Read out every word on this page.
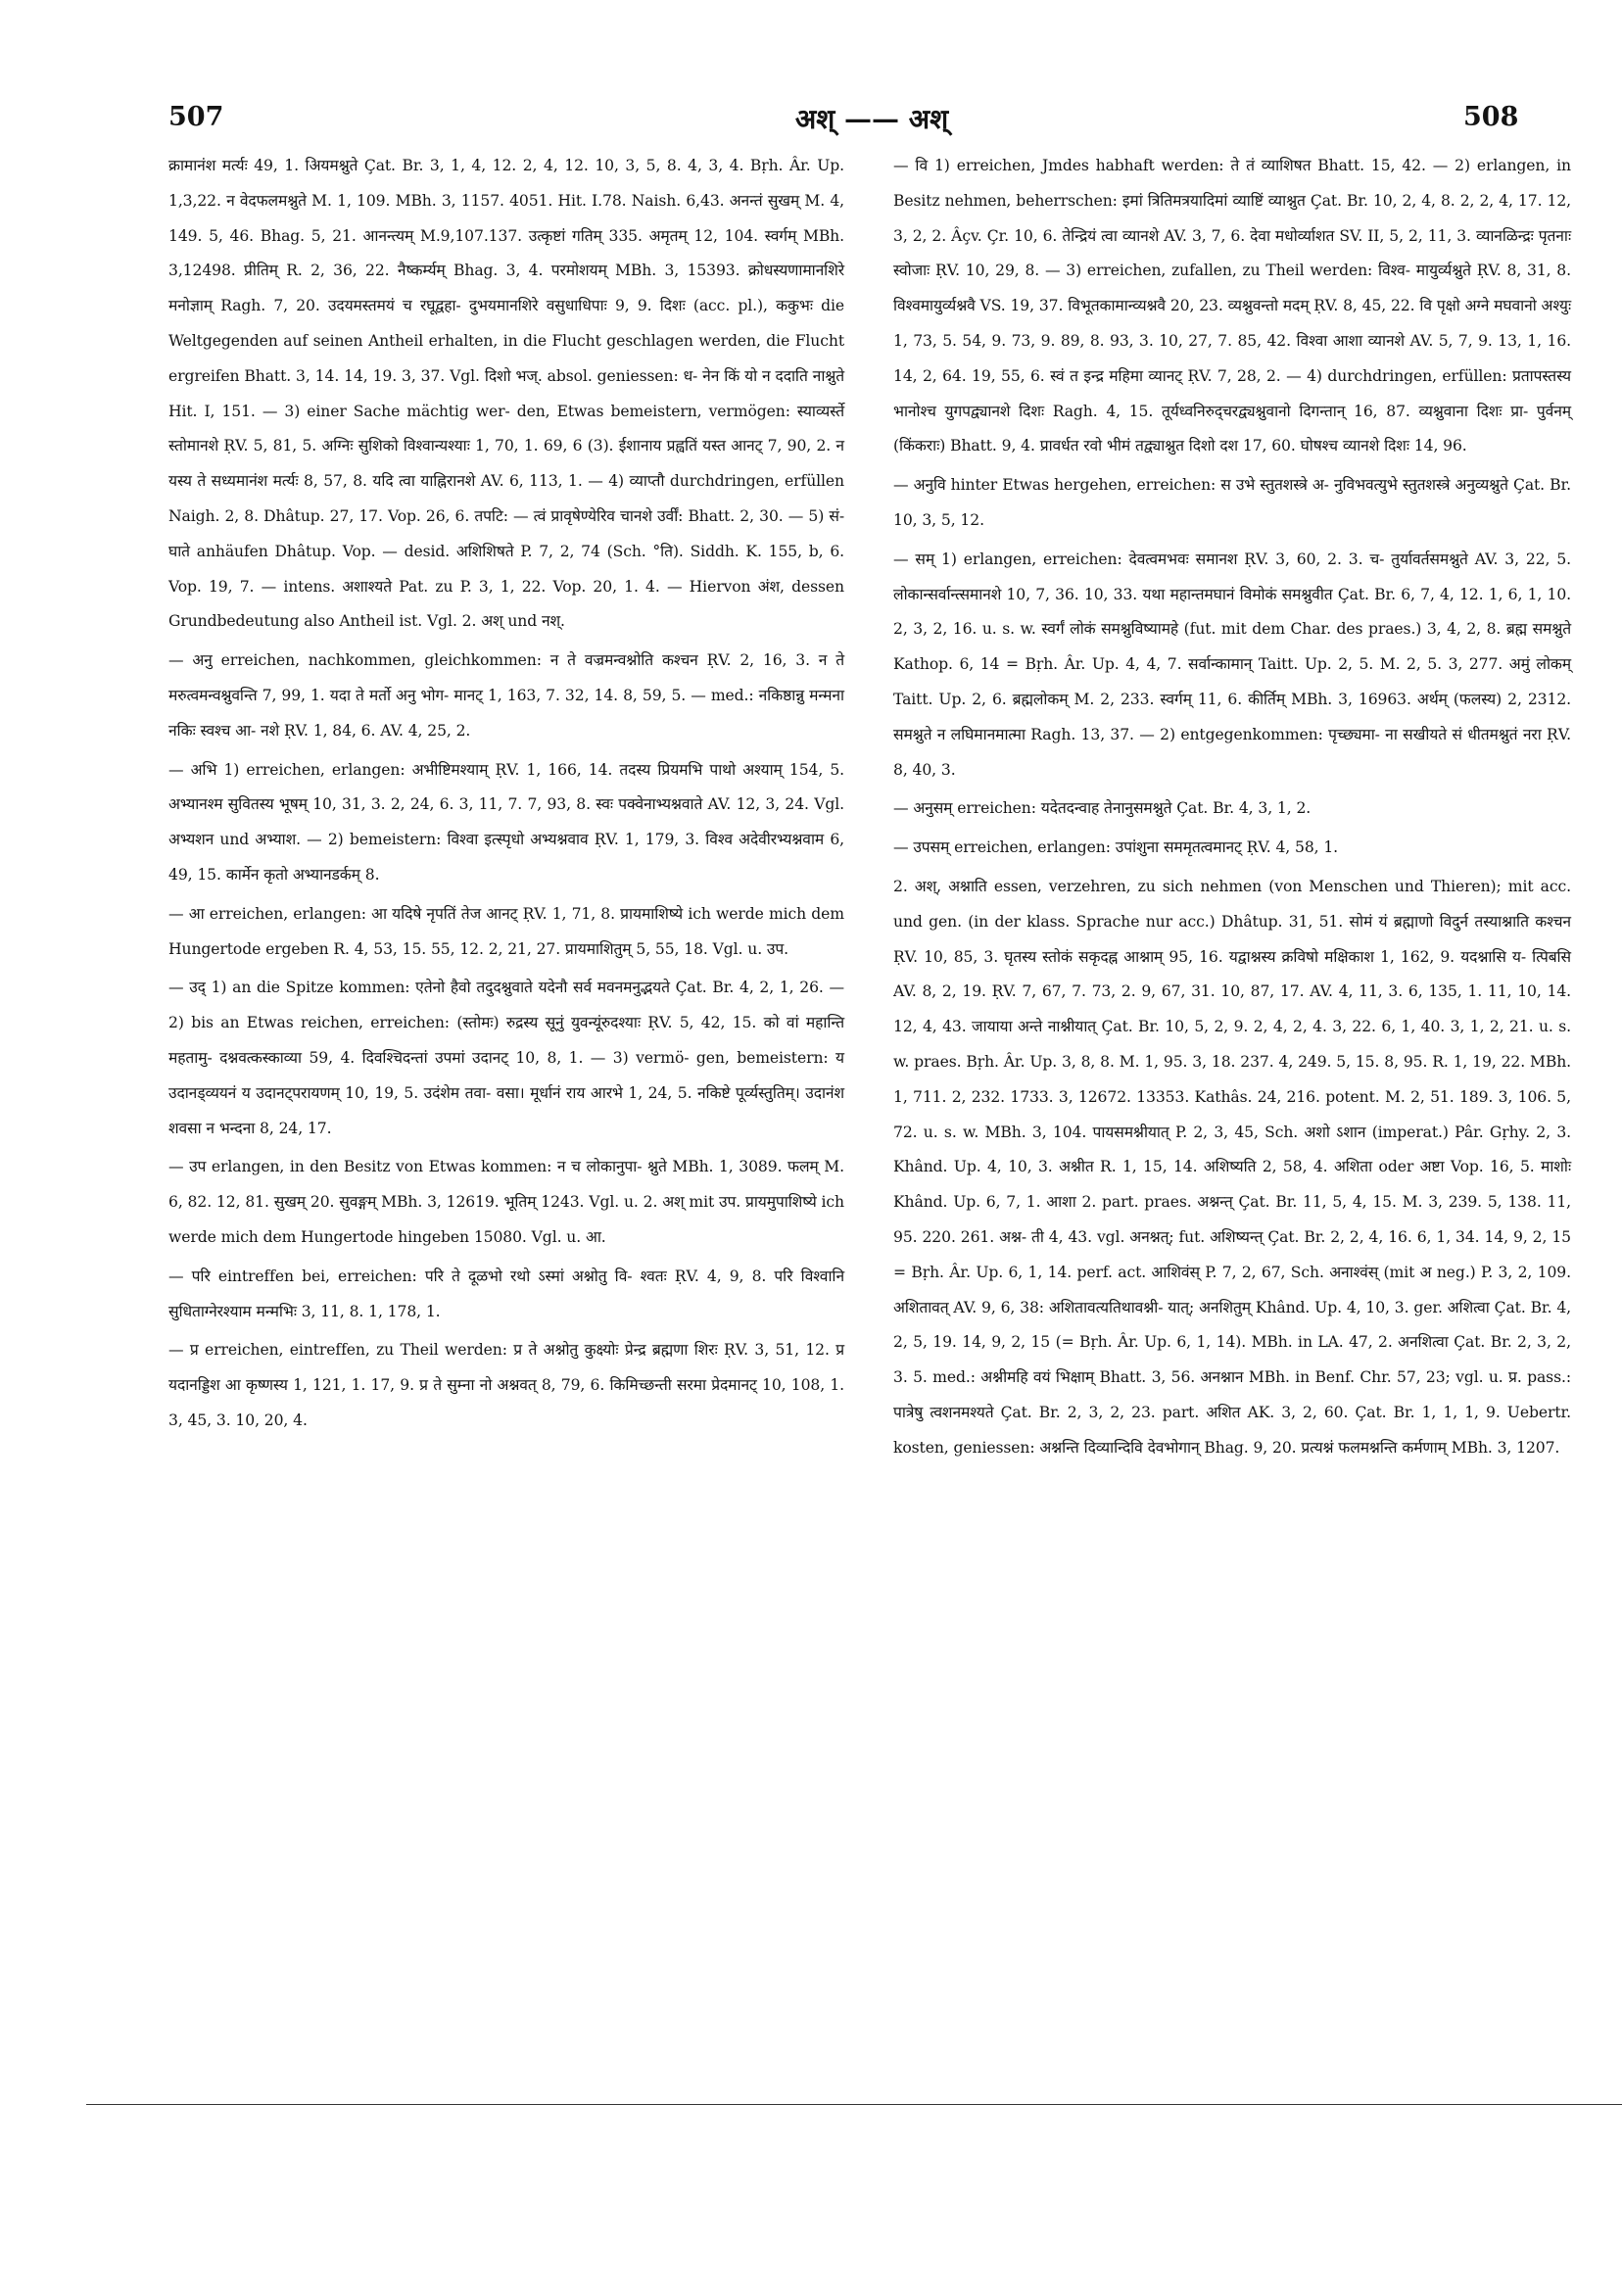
507	अश् —— अश्	508

क्रामानंश मर्त्यः 49, 1. अियमश्नुते Çat. Br. 3, 1, 4, 12. 2, 4, 12. 10, 3, 5, 8. 4, 3, 4. Bṛh. Âr. Up. 1,3,22. न वेदफलमश्नुते M. 1, 109. MBh. 3, 1157. 4051. Hit. I.78. Naish. 6,43. अनन्तं सुखम् M. 4, 149. 5, 46. Bhag. 5, 21. आनन्त्यम् M.9,107.137. उत्कृष्टां गतिम् 335. अमृतम् 12, 104. स्वर्गम् MBh. 3,12498. प्रीतिम् R. 2, 36, 22. नैष्कर्म्यम् Bhag. 3, 4. परमाेशयम् MBh. 3, 15393. क्रोधस्यणामानशिरे मनोज्ञाम् Ragh. 7, 20. उदयमस्तमयं च रघूद्वहा- दुभयमानशिरे वसुधाधिपाः 9, 9. दिशः (acc. pl.), ककुभः die Weltgegenden auf seinen Antheil erhalten, in die Flucht geschlagen werden, die Flucht ergreifen Bhatt. 3, 14. 14, 19. 3, 37. Vgl. दिशो भज्. absol. geniessen: ध- नेन किं यो न ददाति नाश्नुते Hit. I, 151. — 3) einer Sache mächtig wer- den, Etwas bemeistern, vermögen: स्याव्यर्स्ते स्तोमानशे ṚV. 5, 81, 5. अग्निः सुशिको विश्वान्यश्याः 1, 70, 1. 69, 6 (3). ईशानाय प्रह्वतिं यस्त आनट् 7, 90, 2. न यस्य ते सध्यमानंश मर्त्यः 8, 57, 8. यदि त्वा याह्निरानशे AV. 6, 113, 1. — 4) व्याप्तौ durchdringen, erfüllen Naigh. 2, 8. Dhâtup. 27, 17. Vop. 26, 6. तपटि: — त्वं प्रावृषेण्येरिव चानशे उर्वीं: Bhatt. 2, 30. — 5) सं- घाते anhäufen Dhâtup. Vop. — desid. अशिशिषते P. 7, 2, 74 (Sch. °ति). Siddh. K. 155, b, 6. Vop. 19, 7. — intens. अशाश्यते Pat. zu P. 3, 1, 22. Vop. 20, 1. 4. — Hiervon अंश, dessen Grundbedeutung also Antheil ist. Vgl. 2. अश् und नश्.

— अनु erreichen, nachkommen, gleichkommen: न ते वज्रमन्वश्नोति कश्चन ṚV. 2, 16, 3. न ते मरुत्वमन्वश्नुवन्ति 7, 99, 1. यदा ते मर्तो अनु भोग- मानट् 1, 163, 7. 32, 14. 8, 59, 5. — med.: नकिष्ठान्नु मन्मना नकिः स्वश्च आ- नशे ṚV. 1, 84, 6. AV. 4, 25, 2.

— अभि 1) erreichen, erlangen: अभीष्टिमश्याम् ṚV. 1, 166, 14. तदस्य प्रियमभि पाथो अश्याम् 154, 5. अभ्यानश्म सुवितस्य भूषम् 10, 31, 3. 2, 24, 6. 3, 11, 7. 7, 93, 8. स्वः पक्वेनाभ्यश्नवाते AV. 12, 3, 24. Vgl. अभ्यशन und अभ्याश. — 2) bemeistern: विश्वा इत्स्पृधो अभ्यश्नवाव ṚV. 1, 179, 3. विश्व अदेवीरभ्यश्नवाम 6, 49, 15. कार्मेन कृतो अभ्यानडर्कम् 8.

— आ erreichen, erlangen: आ यदिषे नृपतिं तेज आनट् ṚV. 1, 71, 8. प्रायमाशिष्ये ich werde mich dem Hungertode ergeben R. 4, 53, 15. 55, 12. 2, 21, 27. प्रायमाशितुम् 5, 55, 18. Vgl. u. उप.

— उद् 1) an die Spitze kommen: एतेनो हैवो तदुदश्नुवाते यदेनौ सर्व मवनमनुद्भयते Çat. Br. 4, 2, 1, 26. — 2) bis an Etwas reichen, erreichen: (स्तोमः) रुद्रस्य सूनुं युवन्यूंरुदश्याः ṚV. 5, 42, 15. को वां महान्ति महतामु- दश्नवत्कस्काव्या 59, 4. दिवश्चिदन्तां उपमां उदानट् 10, 8, 1. — 3) vermö- gen, bemeistern: य उदानड्व्ययनं य उदानट्परायणम् 10, 19, 5. उदंशेम तवा- वसा। मूर्धानं राय आरभे 1, 24, 5. नकिष्टे पूर्व्यस्तुतिम्। उदानंश शवसा न भन्दना 8, 24, 17.

— उप erlangen, in den Besitz von Etwas kommen: न च लोकानुपा- श्नुते MBh. 1, 3089. फलम् M. 6, 82. 12, 81. सुखम् 20. सुवङ्गम् MBh. 3, 12619. भूतिम् 1243. Vgl. u. 2. अश् mit उप. प्रायमुपाशिष्ये ich werde mich dem Hungertode hingeben 15080. Vgl. u. आ.

— परि eintreffen bei, erreichen: परि ते दूळभो रथो ऽस्मां अश्नोतु वि- श्वतः ṚV. 4, 9, 8. परि विश्वानि सुधिताग्नेरश्याम मन्मभिः 3, 11, 8. 1, 178, 1.

— प्र erreichen, eintreffen, zu Theil werden: प्र ते अश्नोतु कुक्ष्योः प्रेन्द्र ब्रह्मणा शिरः ṚV. 3, 51, 12. प्र यदानड्डिश आ कृष्णस्य 1, 121, 1. 17, 9. प्र ते सुम्ना नो अश्नवत् 8, 79, 6. किमिच्छन्ती सरमा प्रेदमानट् 10, 108, 1. 3, 45, 3. 10, 20, 4.

— वि 1) erreichen, Jmdes habhaft werden: ते तं व्याशिषत Bhatt. 15, 42. — 2) erlangen, in Besitz nehmen, beherrschen: इमां त्रितिमत्रयादिमां व्याष्टिं व्याश्नुत Çat. Br. 10, 2, 4, 8. 2, 2, 4, 17. 12, 3, 2, 2. Âçv. Çr. 10, 6. तेन्द्रियं त्वा व्यानशे AV. 3, 7, 6. देवा मधोर्व्याशत SV. II, 5, 2, 11, 3. व्यानळिन्द्रः पृतनाः स्वोजाः ṚV. 10, 29, 8. — 3) erreichen, zufallen, zu Theil werden: विश्व- मायुर्व्यश्नुते ṚV. 8, 31, 8. विश्वमायुर्व्यश्नवै VS. 19, 37. विभूतकामान्व्यश्नवै 20, 23. व्यश्नुवन्तो मदम् ṚV. 8, 45, 22. वि पृक्षो अग्ने मघवानो अश्युः 1, 73, 5. 54, 9. 73, 9. 89, 8. 93, 3. 10, 27, 7. 85, 42. विश्वा आशा व्यानशे AV. 5, 7, 9. 13, 1, 16. 14, 2, 64. 19, 55, 6. स्वं त इन्द्र महिमा व्यानट् ṚV. 7, 28, 2. — 4) durchdringen, erfüllen: प्रतापस्तस्य भानोश्च युगपद्व्यानशे दिशः Ragh. 4, 15. तूर्यध्वनिरुद्चरद्व्यश्नुवानो दिगन्तान् 16, 87. व्यश्नुवाना दिशः प्रा- पुर्वनम् (किंकराः) Bhatt. 9, 4. प्रावर्धत रवो भीमं तद्व्याश्नुत दिशो दश 17, 60. घोषश्च व्यानशे दिशः 14, 96.

— अनुवि hinter Etwas hergehen, erreichen: स उभे स्तुतशस्त्रे अ- नुविभवत्युभे स्तुतशस्त्रे अनुव्यश्नुते Çat. Br. 10, 3, 5, 12.

— सम् 1) erlangen, erreichen: देवत्वमभवः समानश ṚV. 3, 60, 2. 3. च- तुर्यावर्तसमश्नुते AV. 3, 22, 5. लोकान्सर्वान्त्समानशे 10, 7, 36. 10, 33. यथा महान्तमघानं विमोकं समश्नुवीत Çat. Br. 6, 7, 4, 12. 1, 6, 1, 10. 2, 3, 2, 16. u. s. w. स्वर्गं लोकं समश्नुविष्यामहे (fut. mit dem Char. des praes.) 3, 4, 2, 8. ब्रह्म समश्नुते Kathop. 6, 14 = Bṛh. Âr. Up. 4, 4, 7. सर्वान्कामान् Taitt. Up. 2, 5. M. 2, 5. 3, 277. अमुं लोकम् Taitt. Up. 2, 6. ब्रह्मलोकम् M. 2, 233. स्वर्गम् 11, 6. कीर्तिम् MBh. 3, 16963. अर्थम् (फलस्य) 2, 2312. समश्नुते न लघिमानमात्मा Ragh. 13, 37. — 2) entgegenkommen: पृच्छ्यमा- ना सखीयते सं धीतमश्नुतं नरा ṚV. 8, 40, 3.

— अनुसम् erreichen: यदेतदन्वाह तेनानुसमश्नुते Çat. Br. 4, 3, 1, 2.

— उपसम् erreichen, erlangen: उपांशुना सममृतत्वमानट् ṚV. 4, 58, 1.

2. अश्, अश्नाति essen, verzehren, zu sich nehmen (von Menschen und Thieren); mit acc. und gen. (in der klass. Sprache nur acc.) Dhâtup. 31, 51. सोमं यं ब्रह्माणो विदुर्न तस्याश्नाति कश्चन ṚV. 10, 85, 3. घृतस्य स्तोकं सकृदह्न आश्नाम् 95, 16. यद्वाश्नस्य क्रविषो मक्षिकाश 1, 162, 9. यदश्नासि य- त्पिबसि AV. 8, 2, 19. ṚV. 7, 67, 7. 73, 2. 9, 67, 31. 10, 87, 17. AV. 4, 11, 3. 6, 135, 1. 11, 10, 14. 12, 4, 43. जायाया अन्ते नाश्नीयात् Çat. Br. 10, 5, 2, 9. 2, 4, 2, 4. 3, 22. 6, 1, 40. 3, 1, 2, 21. u. s. w. praes. Bṛh. Âr. Up. 3, 8, 8. M. 1, 95. 3, 18. 237. 4, 249. 5, 15. 8, 95. R. 1, 19, 22. MBh. 1, 711. 2, 232. 1733. 3, 12672. 13353. Kathâs. 24, 216. potent. M. 2, 51. 189. 3, 106. 5, 72. u. s. w. MBh. 3, 104. पायसमश्नीयात् P. 2, 3, 45, Sch. अशो ऽशान (imperat.) Pâr. Gṛhy. 2, 3. Khând. Up. 4, 10, 3. अश्नीत R. 1, 15, 14. अशिष्यति 2, 58, 4. अशिता oder अष्टा Vop. 16, 5. माशोः Khând. Up. 6, 7, 1. आशा 2. part. praes. अश्नन्त् Çat. Br. 11, 5, 4, 15. M. 3, 239. 5, 138. 11, 95. 220. 261. अश्न- ती 4, 43. vgl. अनश्नत्; fut. अशिष्यन्त् Çat. Br. 2, 2, 4, 16. 6, 1, 34. 14, 9, 2, 15 = Bṛh. Âr. Up. 6, 1, 14. perf. act. आशिवंस् P. 7, 2, 67, Sch. अनाश्वंस् (mit अ neg.) P. 3, 2, 109. अशितावत् AV. 9, 6, 38: अशितावत्यतिथावश्नी- यात्; अनशितुम् Khând. Up. 4, 10, 3. ger. अशित्वा Çat. Br. 4, 2, 5, 19. 14, 9, 2, 15 (= Bṛh. Âr. Up. 6, 1, 14). MBh. in LA. 47, 2. अनशित्वा Çat. Br. 2, 3, 2, 3. 5. med.: अश्नीमहि वयं भिक्षाम् Bhatt. 3, 56. अनश्नान MBh. in Benf. Chr. 57, 23; vgl. u. प्र. pass.: पात्रेषु त्वशनमश्यते Çat. Br. 2, 3, 2, 23. part. अशित AK. 3, 2, 60. Çat. Br. 1, 1, 1, 9. Uebertr. kosten, geniessen: अश्नन्ति दिव्यान्दिवि देवभोगान् Bhag. 9, 20. प्रत्यश्नं फलमश्नन्ति कर्मणाम् MBh. 3, 1207.
